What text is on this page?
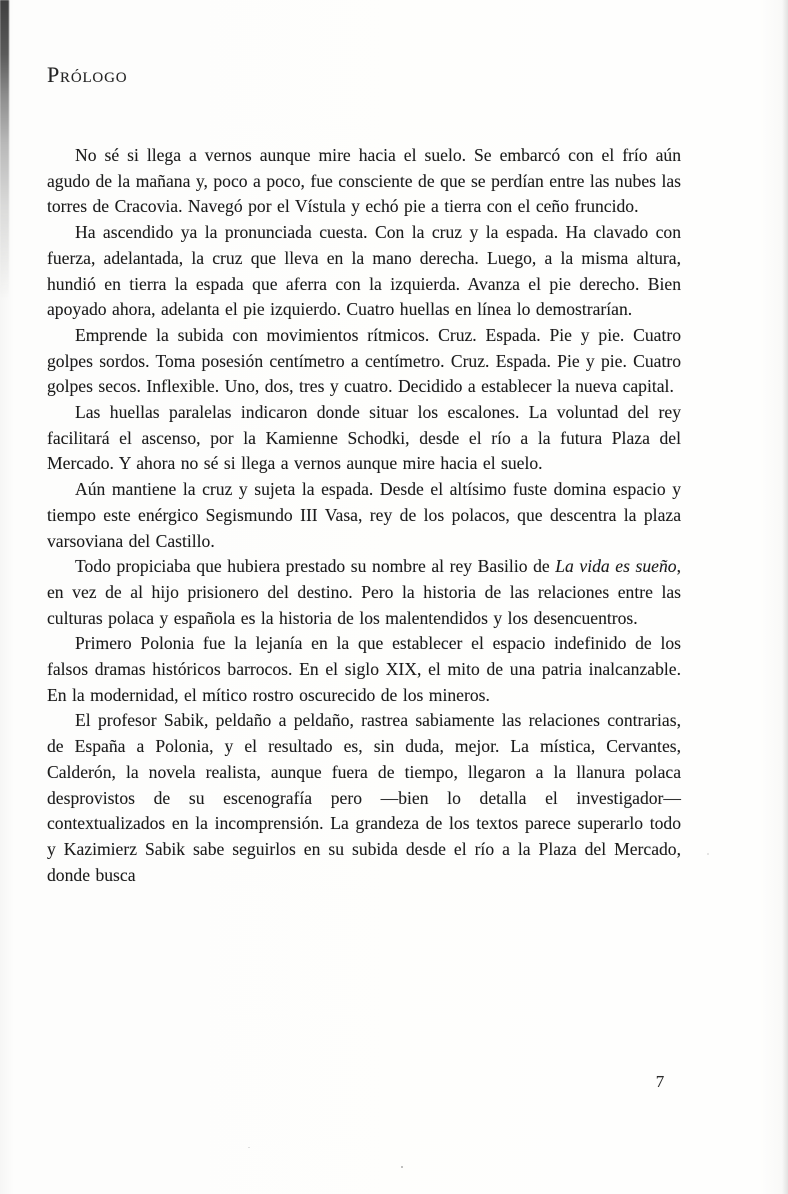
Prólogo

No sé si llega a vernos aunque mire hacia el suelo. Se embarcó con el frío aún agudo de la mañana y, poco a poco, fue consciente de que se perdían entre las nubes las torres de Cracovia. Navegó por el Vístula y echó pie a tierra con el ceño fruncido.

Ha ascendido ya la pronunciada cuesta. Con la cruz y la espada. Ha clavado con fuerza, adelantada, la cruz que lleva en la mano derecha. Luego, a la misma altura, hundió en tierra la espada que aferra con la izquierda. Avanza el pie derecho. Bien apoyado ahora, adelanta el pie izquierdo. Cuatro huellas en línea lo demostrarían.

Emprende la subida con movimientos rítmicos. Cruz. Espada. Pie y pie. Cuatro golpes sordos. Toma posesión centímetro a centímetro. Cruz. Espada. Pie y pie. Cuatro golpes secos. Inflexible. Uno, dos, tres y cuatro. Decidido a establecer la nueva capital.

Las huellas paralelas indicaron donde situar los escalones. La voluntad del rey facilitará el ascenso, por la Kamienne Schodki, desde el río a la futura Plaza del Mercado. Y ahora no sé si llega a vernos aunque mire hacia el suelo.

Aún mantiene la cruz y sujeta la espada. Desde el altísimo fuste domina espacio y tiempo este enérgico Segismundo III Vasa, rey de los polacos, que descentra la plaza varsoviana del Castillo.

Todo propiciaba que hubiera prestado su nombre al rey Basilio de La vida es sueño, en vez de al hijo prisionero del destino. Pero la historia de las relaciones entre las culturas polaca y española es la historia de los malentendidos y los desencuentros.

Primero Polonia fue la lejanía en la que establecer el espacio indefinido de los falsos dramas históricos barrocos. En el siglo XIX, el mito de una patria inalcanzable. En la modernidad, el mítico rostro oscurecido de los mineros.

El profesor Sabik, peldaño a peldaño, rastrea sabiamente las relaciones contrarias, de España a Polonia, y el resultado es, sin duda, mejor. La mística, Cervantes, Calderón, la novela realista, aunque fuera de tiempo, llegaron a la llanura polaca desprovistos de su escenografía pero —bien lo detalla el investigador— contextualizados en la incomprensión. La grandeza de los textos parece superarlo todo y Kazimierz Sabik sabe seguirlos en su subida desde el río a la Plaza del Mercado, donde busca

7
